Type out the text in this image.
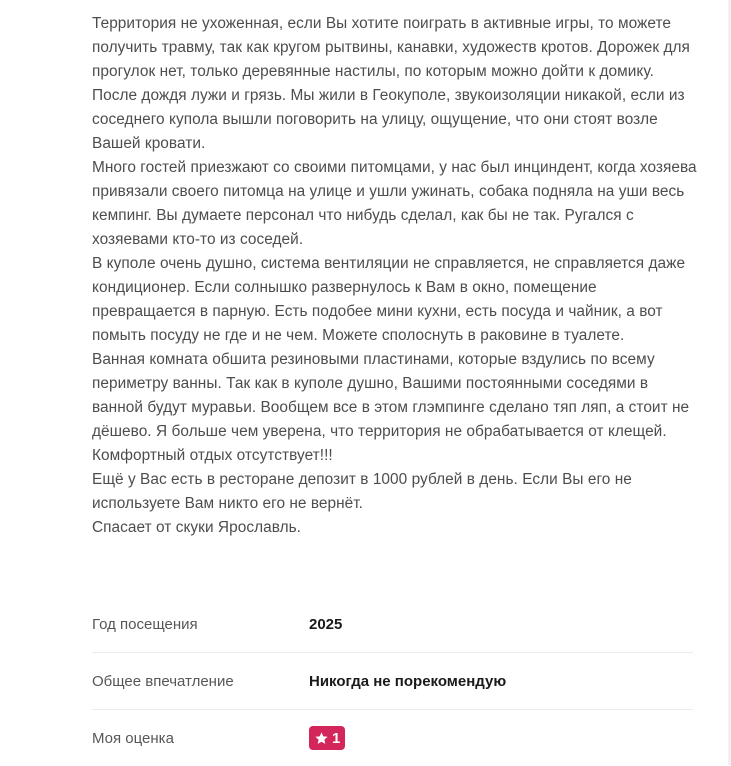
Территория не ухоженная, если Вы хотите поиграть в активные игры, то можете получить травму, так как кругом рытвины, канавки, художеств кротов. Дорожек для прогулок нет, только деревянные настилы, по которым можно дойти к домику. После дождя лужи и грязь. Мы жили в Геокуполе, звукоизоляции никакой, если из соседнего купола вышли поговорить на улицу, ощущение, что они стоят возле Вашей кровати.

Много гостей приезжают со своими питомцами, у нас был инциндент, когда хозяева привязали своего питомца на улице и ушли ужинать, собака подняла на уши весь кемпинг. Вы думаете персонал что нибудь сделал, как бы не так. Ругался с хозяевами кто-то из соседей.

В куполе очень душно, система вентиляции не справляется, не справляется даже кондиционер. Если солнышко развернулось к Вам в окно, помещение превращается в парную. Есть подобее мини кухни, есть посуда и чайник, а вот помыть посуду не где и не чем. Можете сполоснуть в раковине в туалете.

Ванная комната обшита резиновыми пластинами, которые вздулись по всему периметру ванны. Так как в куполе душно, Вашими постоянными соседями в ванной будут муравьи. Вообщем все в этом глэмпинге сделано тяп ляп, а стоит не дёшево. Я больше чем уверена, что территория не обрабатывается от клещей. Комфортный отдых отсутствует!!!

Ещё у Вас есть в ресторане депозит в 1000 рублей в день. Если Вы его не используете Вам никто его не вернёт.

Спасает от скуки Ярославль.

Год посещения	2025
Общее впечатление	Никогда не порекомендую
Моя оценка	1
